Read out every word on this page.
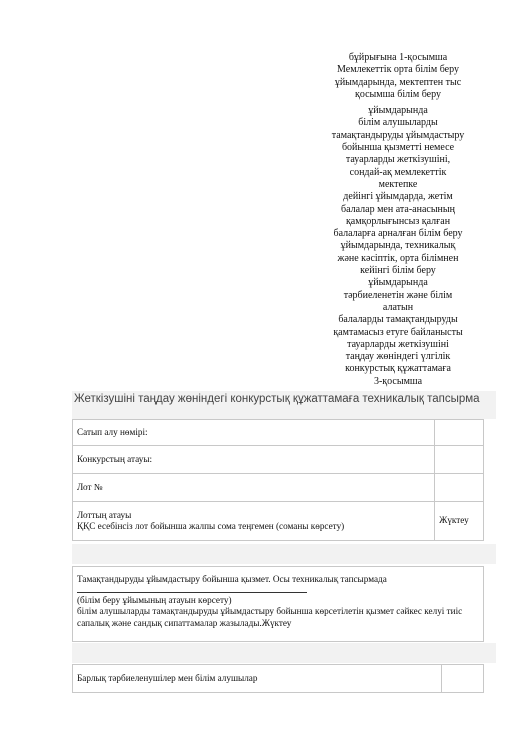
бұйрығына 1-қосымша
Мемлекеттік орта білім беру
ұйымдарында, мектептен тыс
қосымша білім беру

ұйымдарында
білім алушыларды
тамақтандыруды ұйымдастыру
бойынша қызметті немесе
тауарларды жеткізушіні,
сондай-ақ мемлекеттік
мектепке
дейінгі ұйымдарда, жетім
балалар мен ата-анасының
қамқорлығынсыз қалған
балаларға арналған білім беру
ұйымдарында, техникалық
және кәсіптік, орта білімнен
кейінгі білім беру
ұйымдарында
тәрбиеленетін және білім
алатын
балаларды тамақтандыруды
қамтамасыз етуге байланысты
тауарларды жеткізушіні
таңдау жөніндегі үлгілік
конкурстық құжаттамаға
3-қосымша
Жеткізушіні таңдау жөніндегі конкурстық құжаттамаға техникалық тапсырма
Сатып алу нөмірі:	
Конкурстың атауы:	
Лот №	
Лоттың атауы
ҚҚС есебінсіз лот бойынша жалпы сома теңгемен (соманы көрсету)	Жүктеу
Тамақтандыруды ұйымдастыру бойынша қызмет. Осы техникалық тапсырмада
(білім беру ұйымының атауын көрсету)
білім алушыларды тамақтандыруды ұйымдастыру бойынша көрсетілетін қызмет сәйкес келуі тиіс сапалық және сандық сипаттамалар жазылады.Жүктеу
Барлық тәрбиеленушілер мен білім алушылар	
